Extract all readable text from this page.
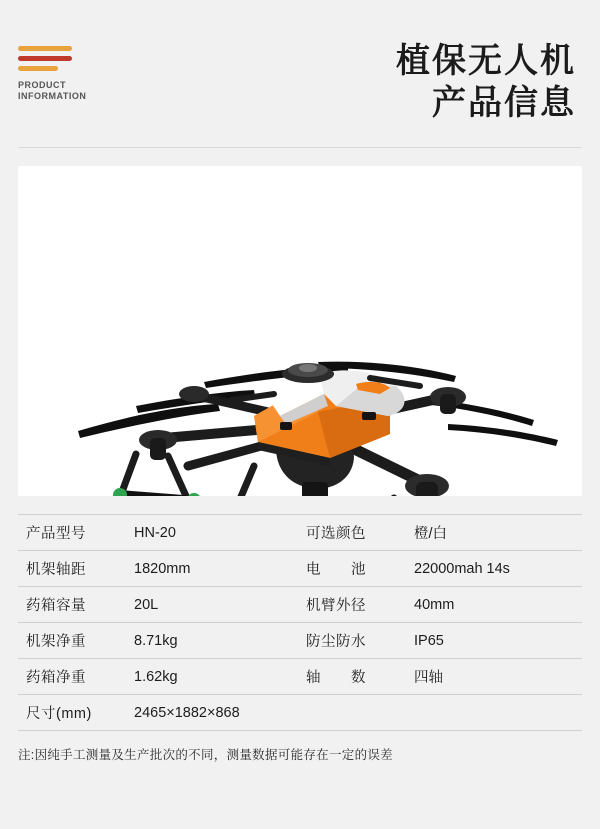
PRODUCT
INFORMATION
植保无人机
产品信息
产品型号	HN-20	可选颜色	橙/白
机架轴距	1820mm	电　　池	22000mah 14s
药箱容量	20L	机臂外径	40mm
机架净重	8.71kg	防尘防水	IP65
药箱净重	1.62kg	轴　　数	四轴
尺寸(mm)	2465×1882×868
注:因纯手工测量及生产批次的不同，测量数据可能存在一定的误差
